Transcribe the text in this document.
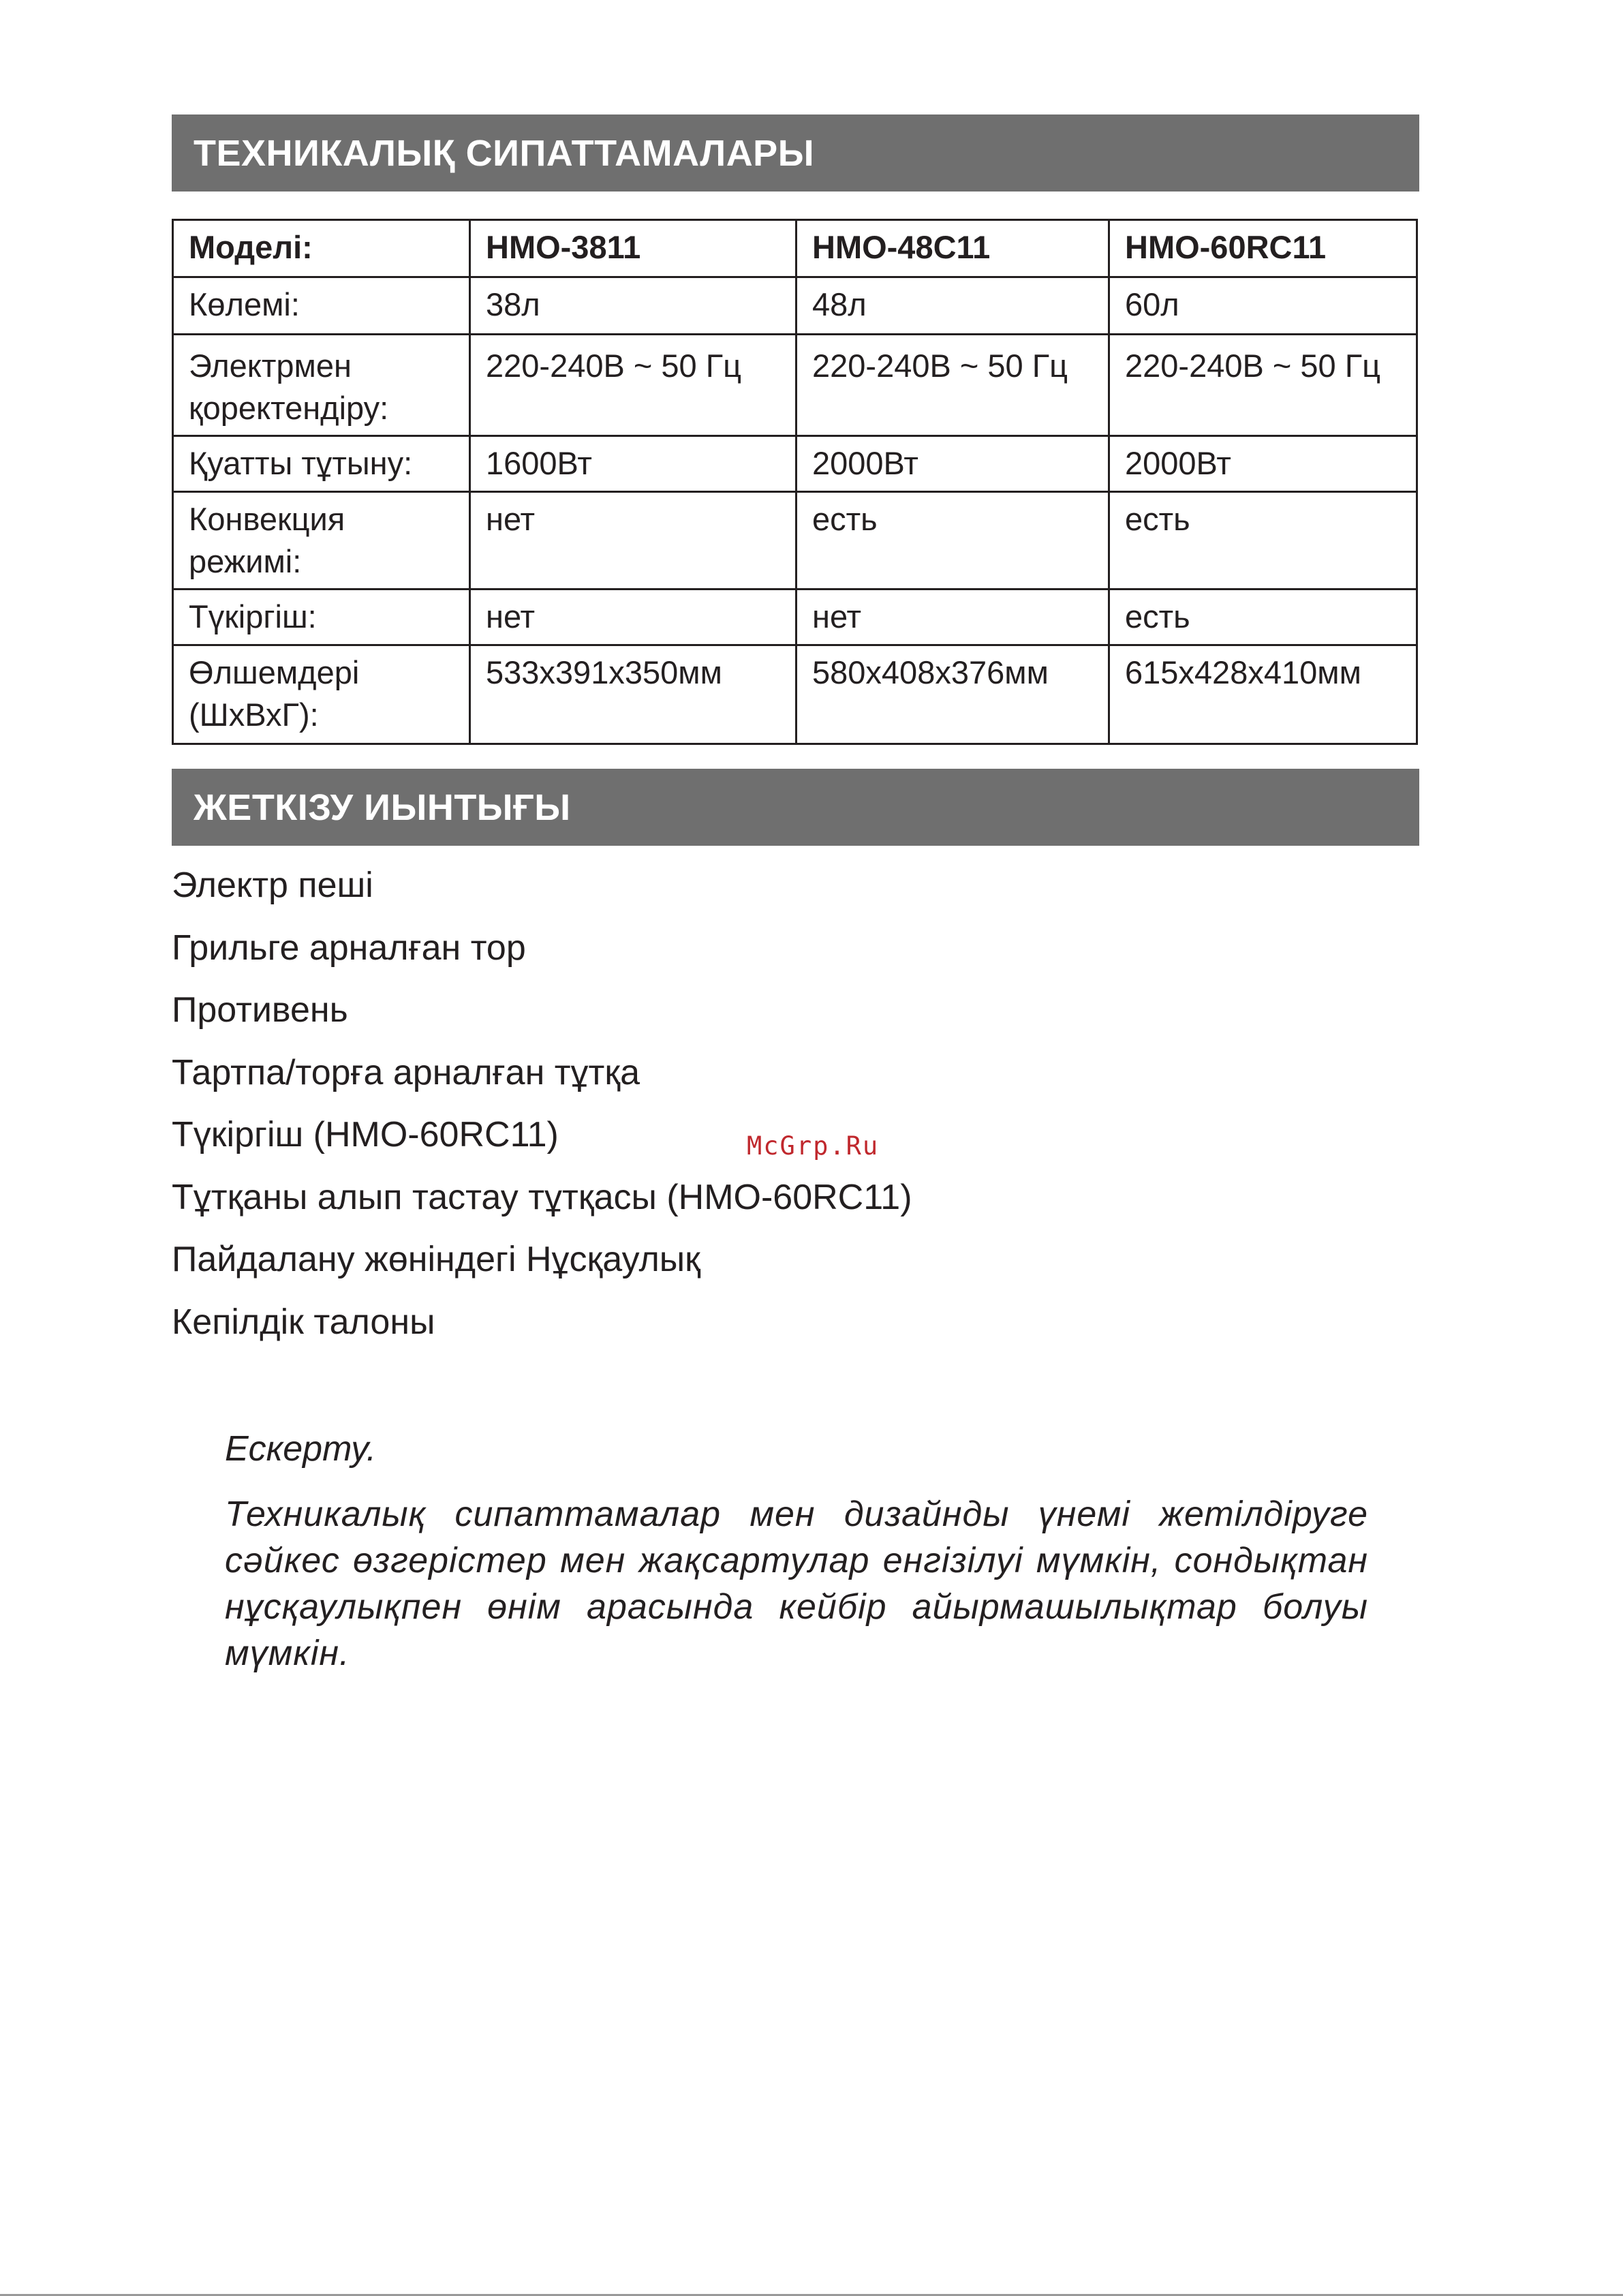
ТЕХНИКАЛЫҚ СИПАТТАМАЛАРЫ
Моделі:	HMO-3811	HMO-48C11	HMO-60RC11
Көлемі:	38л	48л	60л
Электрмен қоректендіру:	220-240В ~ 50 Гц	220-240В ~ 50 Гц	220-240В ~ 50 Гц
Қуатты тұтыну:	1600Вт	2000Вт	2000Вт
Конвекция режимі:	нет	есть	есть
Түкіргіш:	нет	нет	есть
Өлшемдері (ШхВхГ):	533х391х350мм	580х408х376мм	615х428х410мм
ЖЕТКІЗУ ИЫНТЫҒЫ
Электр пеші
Грильге арналған тор
Противень
Тартпа/торға арналған тұтқа
Түкіргіш (HMO-60RC11)
Тұтқаны алып тастау тұтқасы (HMO-60RC11)
Пайдалану жөніндегі Нұсқаулық
Кепілдік талоны
McGrp.Ru

Ескерту.

Техникалық сипаттамалар мен дизайнды үнемі жетілдіруге сәйкес өзгерістер мен жақсартулар енгізілуі мүмкін, сондықтан нұсқаулықпен өнім арасында кейбір айырмашылықтар болуы мүмкін.
